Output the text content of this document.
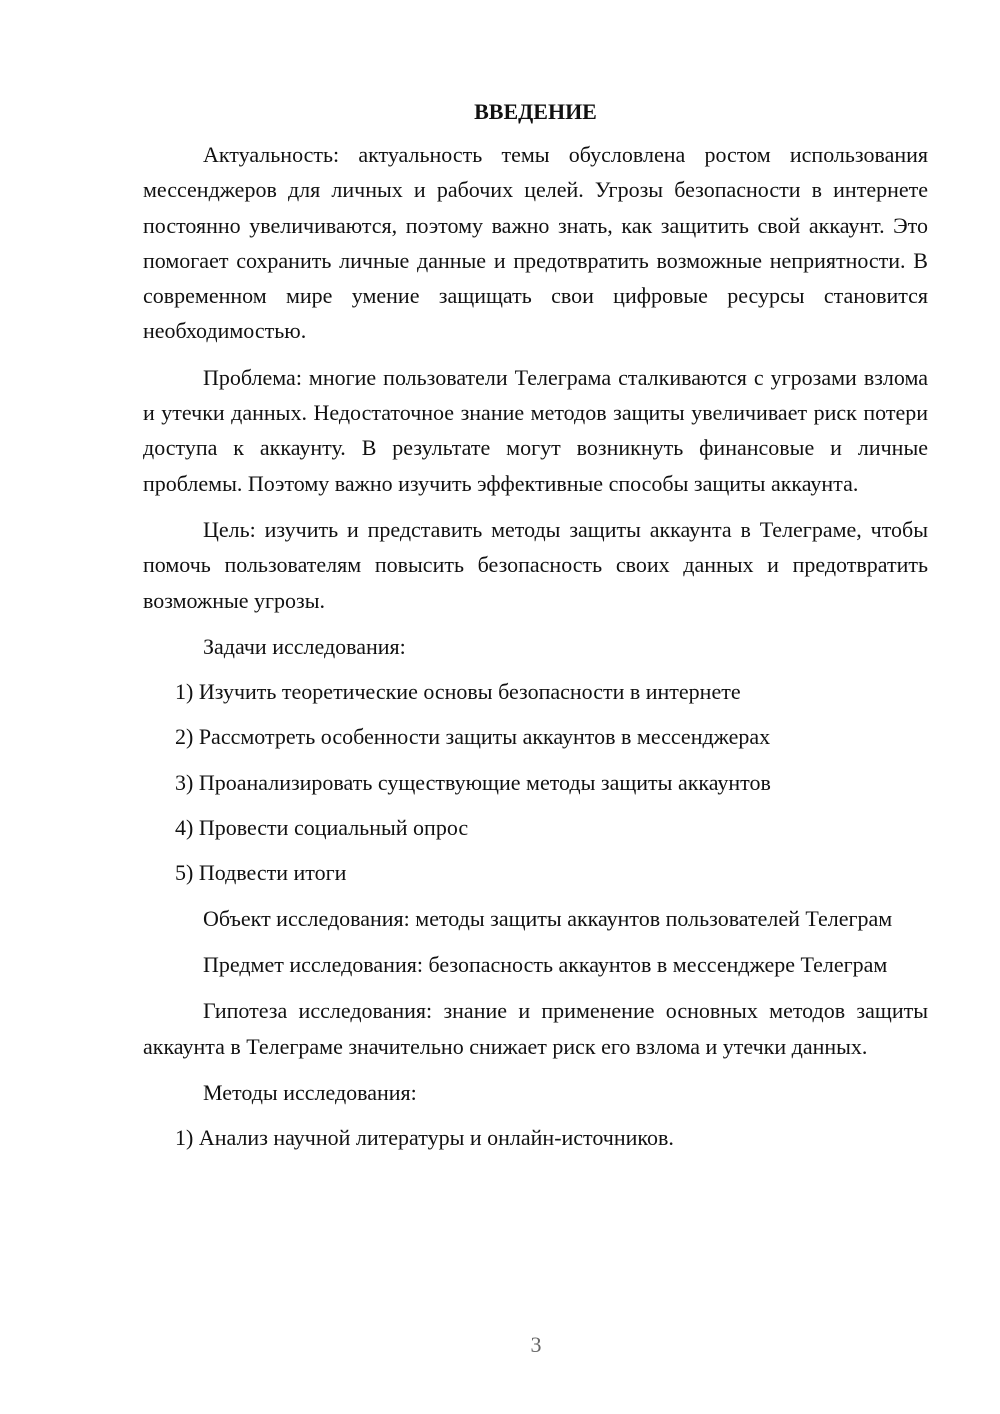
ВВЕДЕНИЕ

Актуальность: актуальность темы обусловлена ростом использования мессенджеров для личных и рабочих целей. Угрозы безопасности в интернете постоянно увеличиваются, поэтому важно знать, как защитить свой аккаунт. Это помогает сохранить личные данные и предотвратить возможные неприятности. В современном мире умение защищать свои цифровые ресурсы становится необходимостью.

Проблема: многие пользователи Телеграма сталкиваются с угрозами взлома и утечки данных. Недостаточное знание методов защиты увеличивает риск потери доступа к аккаунту. В результате могут возникнуть финансовые и личные проблемы. Поэтому важно изучить эффективные способы защиты аккаунта.

Цель: изучить и представить методы защиты аккаунта в Телеграме, чтобы помочь пользователям повысить безопасность своих данных и предотвратить возможные угрозы.

Задачи исследования:

1) Изучить теоретические основы безопасности в интернете

2) Рассмотреть особенности защиты аккаунтов в мессенджерах

3) Проанализировать существующие методы защиты аккаунтов

4) Провести социальный опрос

5) Подвести итоги

Объект исследования: методы защиты аккаунтов пользователей Телеграм

Предмет исследования: безопасность аккаунтов в мессенджере Телеграм

Гипотеза исследования: знание и применение основных методов защиты аккаунта в Телеграме значительно снижает риск его взлома и утечки данных.

Методы исследования:

1) Анализ научной литературы и онлайн-источников.

3
